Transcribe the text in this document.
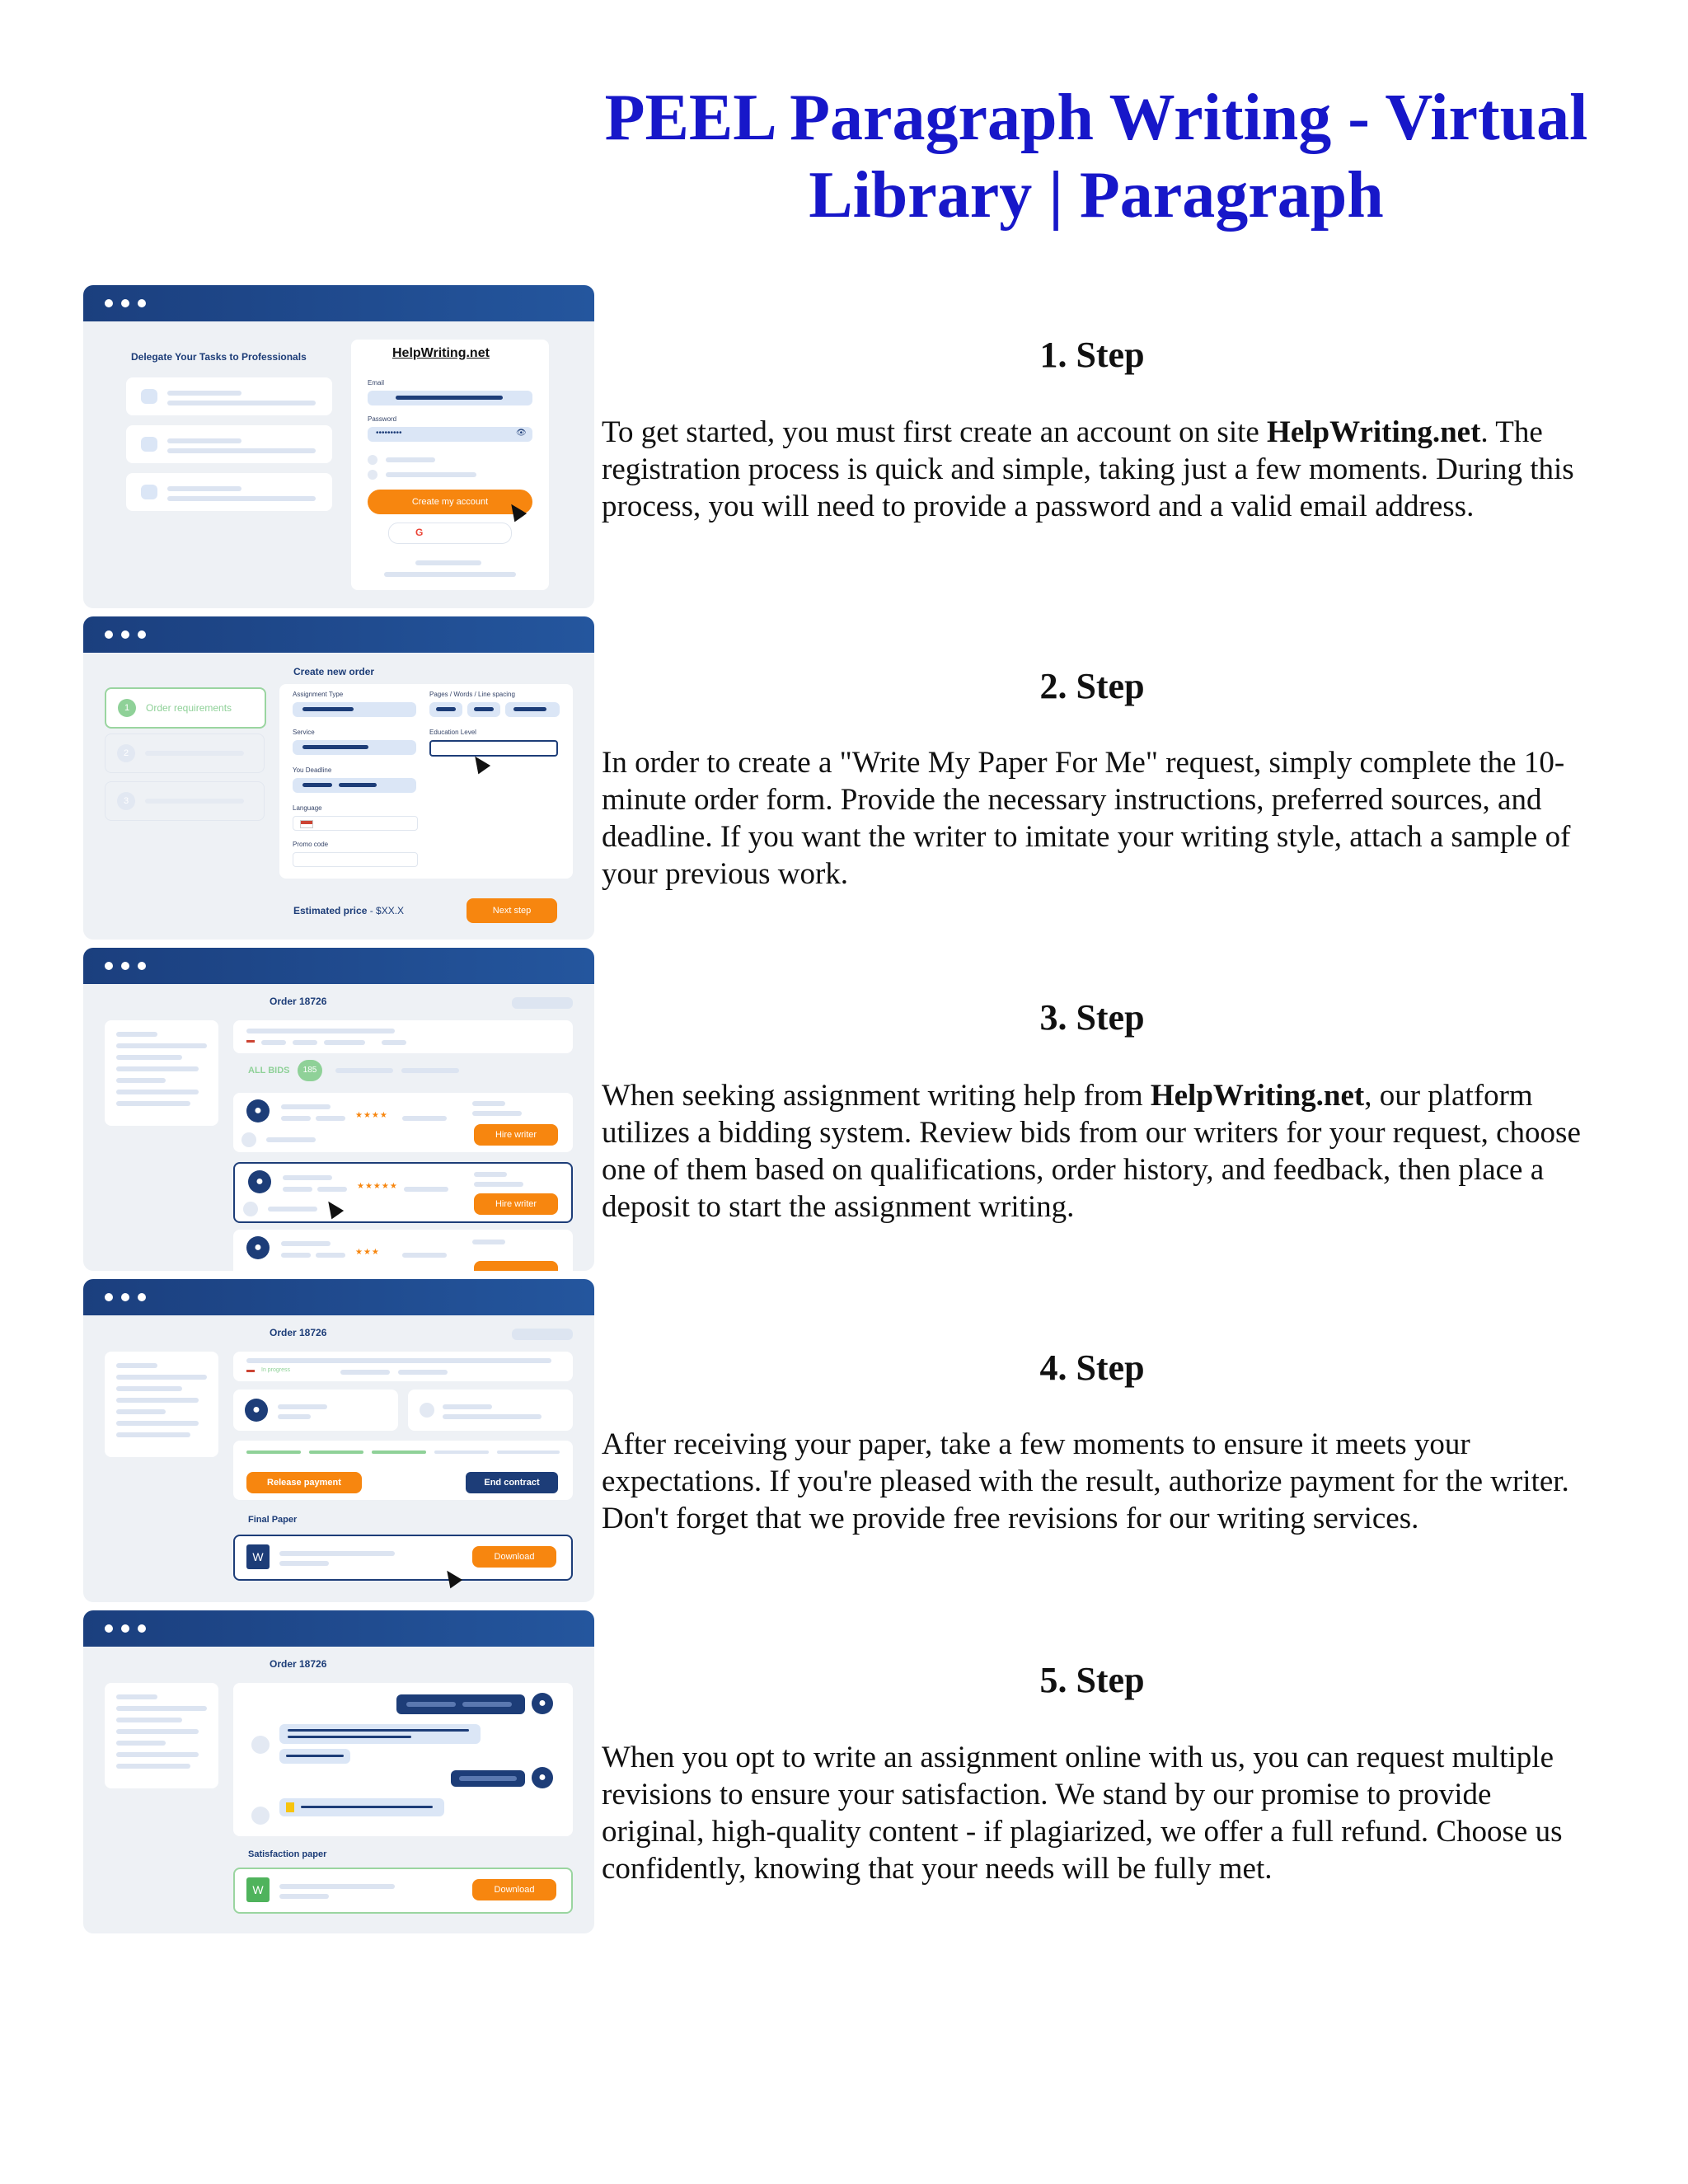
PEEL Paragraph Writing - Virtual Library | Paragraph
Delegate Your Tasks to Professionals	HelpWriting.net
Email
Password
•••••••••	👁
Create my account
G
Create new order
1	Order requirements
2
3
Assignment Type	Pages / Words / Line spacing
Service	Education Level
You Deadline
Language
Promo code
Estimated price - $XX.X	Next step
Order 18726
ALL BIDS	185
●	★★★★
Hire writer
●	★★★★★
Hire writer
●	★★★
Order 18726
In progress
●
Release payment	End contract
Final Paper
W	Download
Order 18726
●
●
Satisfaction paper
W	Download
1. Step

To get started, you must first create an account on site HelpWriting.net. The registration process is quick and simple, taking just a few moments. During this process, you will need to provide a password and a valid email address.

2. Step

In order to create a "Write My Paper For Me" request, simply complete the 10-minute order form. Provide the necessary instructions, preferred sources, and deadline. If you want the writer to imitate your writing style, attach a sample of your previous work.

3. Step

When seeking assignment writing help from HelpWriting.net, our platform utilizes a bidding system. Review bids from our writers for your request, choose one of them based on qualifications, order history, and feedback, then place a deposit to start the assignment writing.

4. Step

After receiving your paper, take a few moments to ensure it meets your expectations. If you're pleased with the result, authorize payment for the writer. Don't forget that we provide free revisions for our writing services.

5. Step

When you opt to write an assignment online with us, you can request multiple revisions to ensure your satisfaction. We stand by our promise to provide original, high-quality content - if plagiarized, we offer a full refund. Choose us confidently, knowing that your needs will be fully met.
